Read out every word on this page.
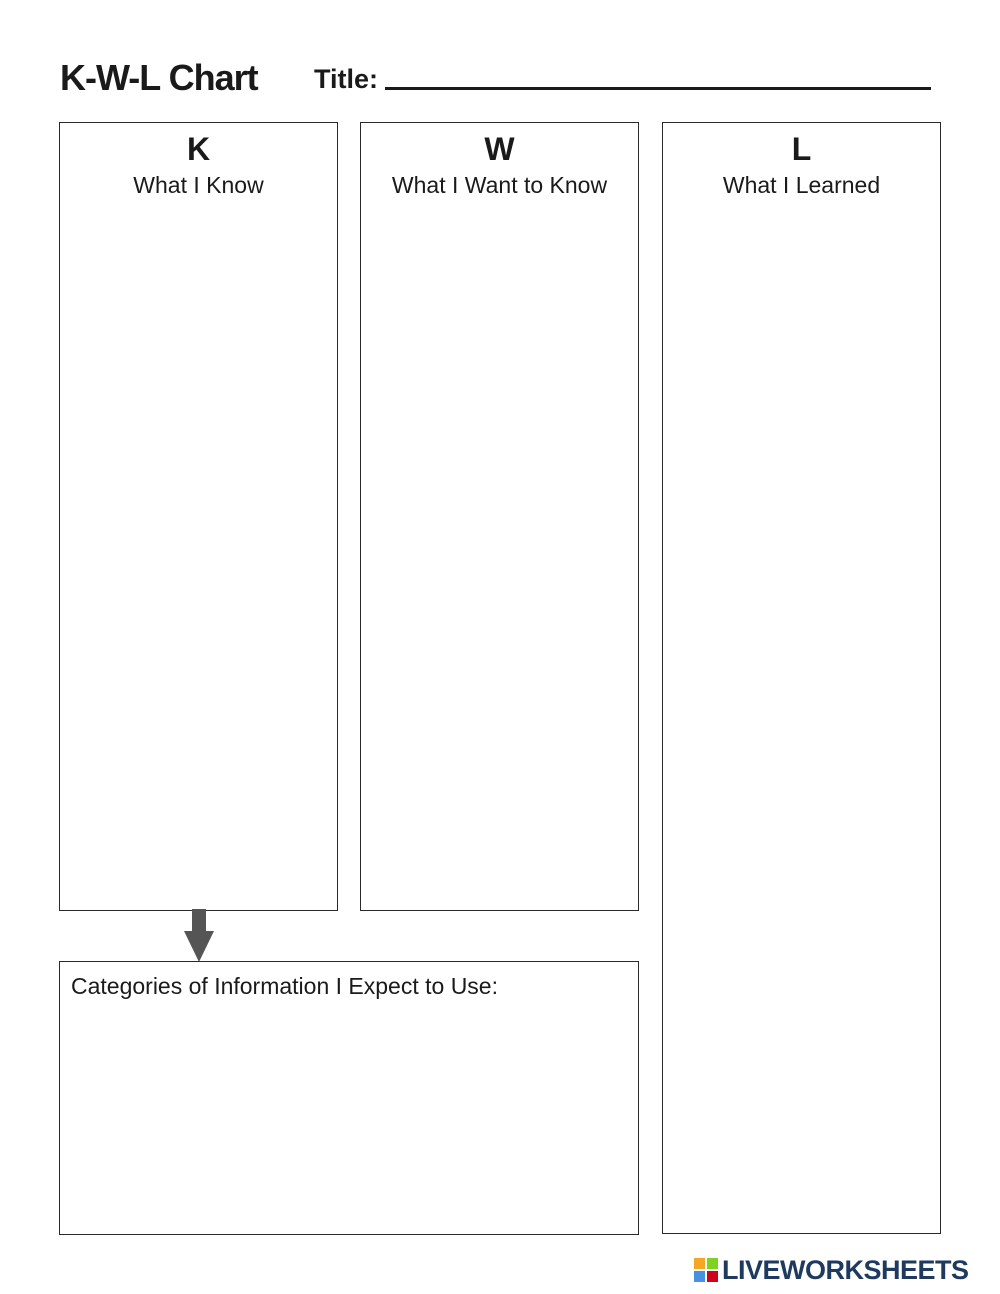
K-W-L Chart Title:
K
What I Know
W
What I Want to Know
L
What I Learned
Categories of Information I Expect to Use:
LIVEWORKSHEETS
